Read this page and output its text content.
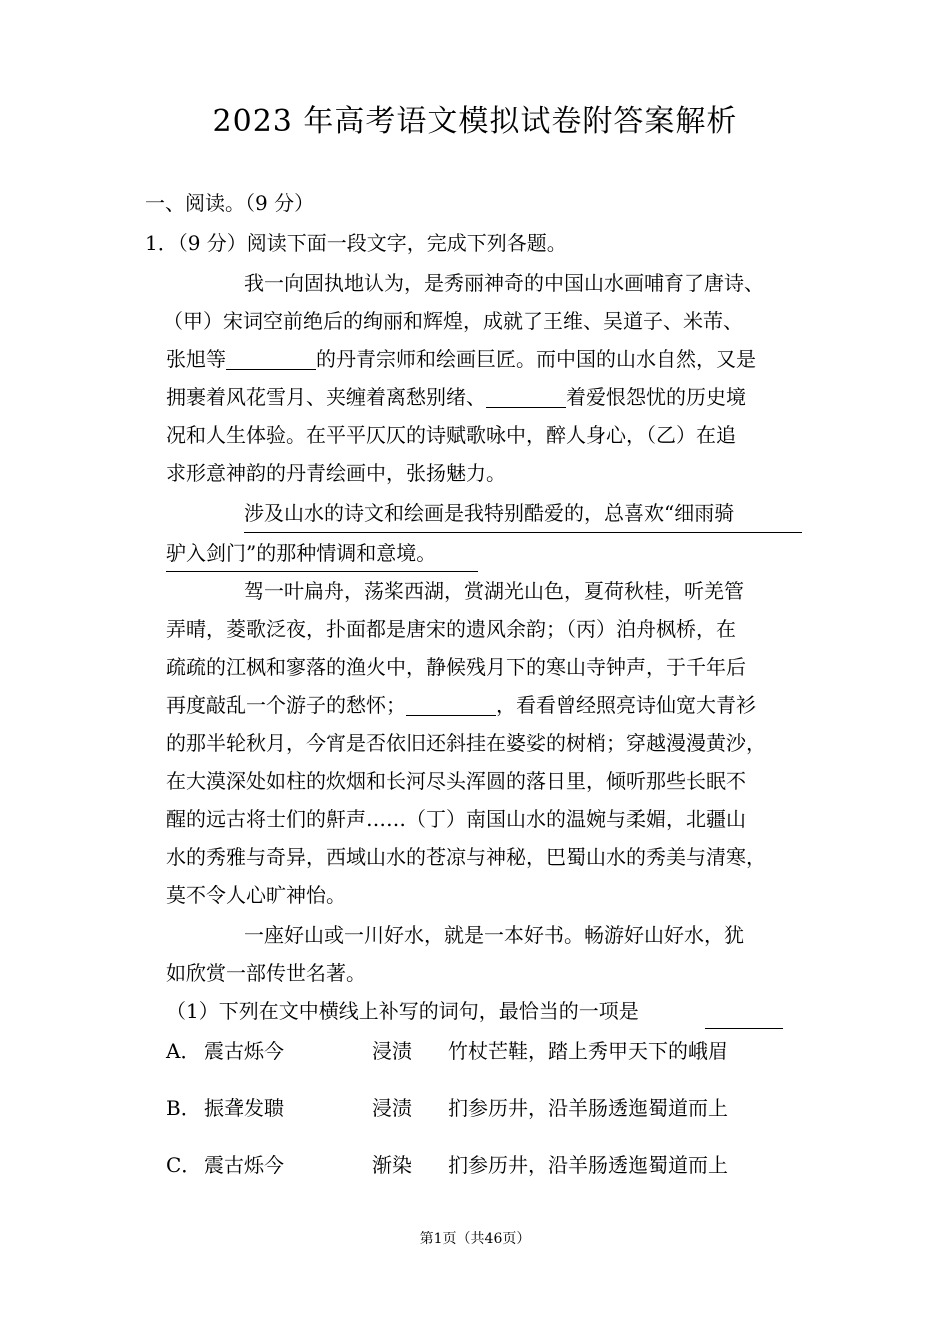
2023 年高考语文模拟试卷附答案解析
一、阅读。（9 分）
1．（9 分）阅读下面一段文字，完成下列各题。
我一向固执地认为，是秀丽神奇的中国山水画哺育了唐诗、
（甲）宋词空前绝后的绚丽和辉煌，成就了王维、吴道子、米芾、
张旭等	的丹青宗师和绘画巨匠。而中国的山水自然，又是
拥裹着风花雪月、夹缠着离愁别绪、	着爱恨怨忧的历史境
况和人生体验。在平平仄仄的诗赋歌咏中，醉人身心，（乙）在追
求形意神韵的丹青绘画中，张扬魅力。
涉及山水的诗文和绘画是我特别酷爱的，总喜欢“细雨骑
驴入剑门”的那种情调和意境。
驾一叶扁舟，荡桨西湖，赏湖光山色，夏荷秋桂，听羌管
弄晴，菱歌泛夜，扑面都是唐宋的遗风余韵；（丙）泊舟枫桥，在
疏疏的江枫和寥落的渔火中，静候残月下的寒山寺钟声，于千年后
再度敲乱一个游子的愁怀；	，看看曾经照亮诗仙宽大青衫
的那半轮秋月，今宵是否依旧还斜挂在婆娑的树梢；穿越漫漫黄沙，
在大漠深处如柱的炊烟和长河尽头浑圆的落日里，倾听那些长眠不
醒的远古将士们的鼾声……（丁）南国山水的温婉与柔媚，北疆山
水的秀雅与奇异，西域山水的苍凉与神秘，巴蜀山水的秀美与清寒，
莫不令人心旷神怡。
一座好山或一川好水，就是一本好书。畅游好山好水，犹
如欣赏一部传世名著。
（1）下列在文中横线上补写的词句，最恰当的一项是
A． 震古烁今	浸渍 竹杖芒鞋，踏上秀甲天下的峨眉
B． 振聋发聩	浸渍 扪参历井，沿羊肠透迤蜀道而上
C． 震古烁今	渐染 扪参历井，沿羊肠透迤蜀道而上
第1页（共46页）
